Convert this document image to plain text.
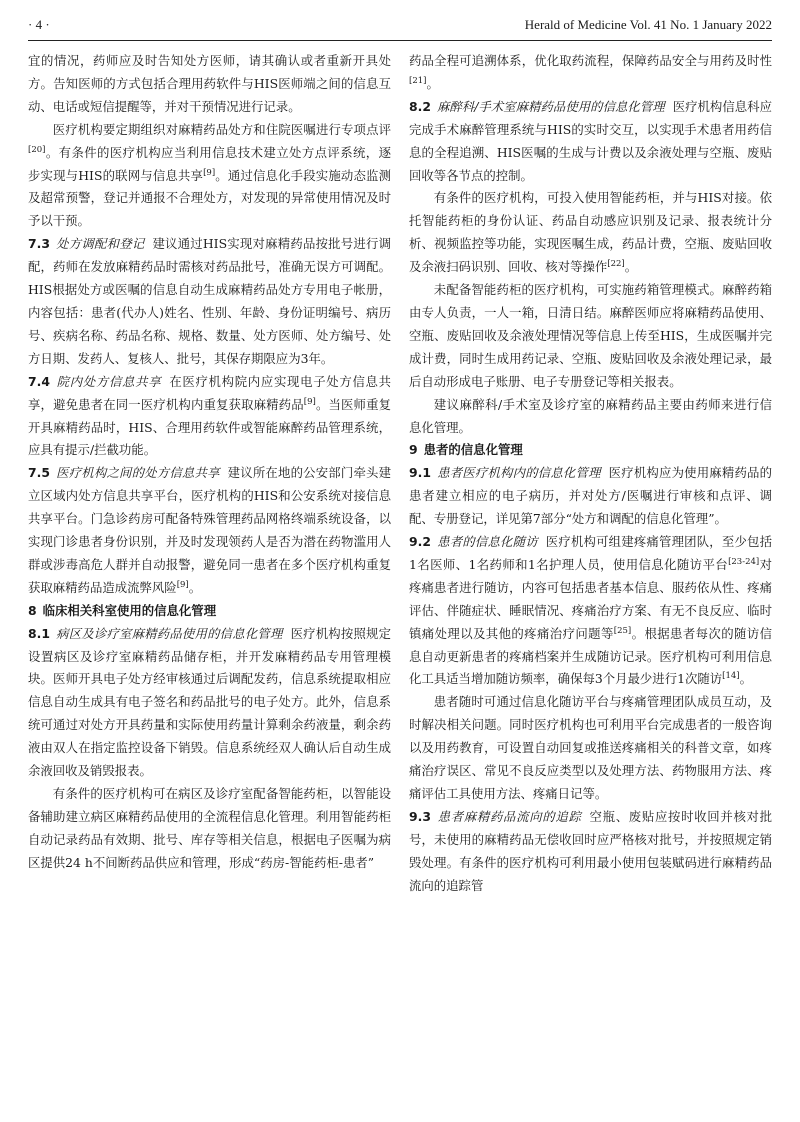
· 4 ·	Herald of Medicine Vol. 41 No. 1 January 2022

宜的情况，药师应及时告知处方医师，请其确认或者重新开具处方。告知医师的方式包括合理用药软件与HIS医师端之间的信息互动、电话或短信提醒等，并对干预情况进行记录。

医疗机构要定期组织对麻精药品处方和住院医嘱进行专项点评[20]。有条件的医疗机构应当利用信息技术建立处方点评系统，逐步实现与HIS的联网与信息共享[9]。通过信息化手段实施动态监测及超常预警，登记并通报不合理处方，对发现的异常使用情况及时予以干预。

7.3 处方调配和登记 建议通过HIS实现对麻精药品按批号进行调配，药师在发放麻精药品时需核对药品批号，准确无误方可调配。HIS根据处方或医嘱的信息自动生成麻精药品处方专用电子帐册，内容包括：患者(代办人)姓名、性别、年龄、身份证明编号、病历号、疾病名称、药品名称、规格、数量、处方医师、处方编号、处方日期、发药人、复核人、批号，其保存期限应为3年。

7.4 院内处方信息共享 在医疗机构院内应实现电子处方信息共享，避免患者在同一医疗机构内重复获取麻精药品[9]。当医师重复开具麻精药品时，HIS、合理用药软件或智能麻醉药品管理系统，应具有提示/拦截功能。

7.5 医疗机构之间的处方信息共享 建议所在地的公安部门牵头建立区域内处方信息共享平台，医疗机构的HIS和公安系统对接信息共享平台。门急诊药房可配备特殊管理药品网格终端系统设备，以实现门诊患者身份识别，并及时发现领药人是否为潜在药物滥用人群或涉毒高危人群并自动报警，避免同一患者在多个医疗机构重复获取麻精药品造成流弊风险[9]。

8 临床相关科室使用的信息化管理

8.1 病区及诊疗室麻精药品使用的信息化管理 医疗机构按照规定设置病区及诊疗室麻精药品储存柜，并开发麻精药品专用管理模块。医师开具电子处方经审核通过后调配发药，信息系统提取相应信息自动生成具有电子签名和药品批号的电子处方。此外，信息系统可通过对处方开具药量和实际使用药量计算剩余药液量，剩余药液由双人在指定监控设备下销毁。信息系统经双人确认后自动生成余液回收及销毁报表。

有条件的医疗机构可在病区及诊疗室配备智能药柜，以智能设备辅助建立病区麻精药品使用的全流程信息化管理。利用智能药柜自动记录药品有效期、批号、库存等相关信息，根据电子医嘱为病区提供24 h不间断药品供应和管理，形成“药房-智能药柜-患者”

药品全程可追溯体系，优化取药流程，保障药品安全与用药及时性[21]。

8.2 麻醉科/手术室麻精药品使用的信息化管理 医疗机构信息科应完成手术麻醉管理系统与HIS的实时交互，以实现手术患者用药信息的全程追溯、HIS医嘱的生成与计费以及余液处理与空瓶、废贴回收等各节点的控制。

有条件的医疗机构，可投入使用智能药柜，并与HIS对接。依托智能药柜的身份认证、药品自动感应识别及记录、报表统计分析、视频监控等功能，实现医嘱生成，药品计费，空瓶、废贴回收及余液扫码识别、回收、核对等操作[22]。

未配备智能药柜的医疗机构，可实施药箱管理模式。麻醉药箱由专人负责，一人一箱，日清日结。麻醉医师应将麻精药品使用、空瓶、废贴回收及余液处理情况等信息上传至HIS，生成医嘱并完成计费，同时生成用药记录、空瓶、废贴回收及余液处理记录，最后自动形成电子账册、电子专册登记等相关报表。

建议麻醉科/手术室及诊疗室的麻精药品主要由药师来进行信息化管理。

9 患者的信息化管理

9.1 患者医疗机构内的信息化管理 医疗机构应为使用麻精药品的患者建立相应的电子病历，并对处方/医嘱进行审核和点评、调配、专册登记，详见第7部分“处方和调配的信息化管理”。

9.2 患者的信息化随访 医疗机构可组建疼痛管理团队，至少包括1名医师、1名药师和1名护理人员，使用信息化随访平台[23-24]对疼痛患者进行随访，内容可包括患者基本信息、服药依从性、疼痛评估、伴随症状、睡眠情况、疼痛治疗方案、有无不良反应、临时镇痛处理以及其他的疼痛治疗问题等[25]。根据患者每次的随访信息自动更新患者的疼痛档案并生成随访记录。医疗机构可利用信息化工具适当增加随访频率，确保每3个月最少进行1次随访[14]。

患者随时可通过信息化随访平台与疼痛管理团队成员互动，及时解决相关问题。同时医疗机构也可利用平台完成患者的一般咨询以及用药教育，可设置自动回复或推送疼痛相关的科普文章，如疼痛治疗误区、常见不良反应类型以及处理方法、药物服用方法、疼痛评估工具使用方法、疼痛日记等。

9.3 患者麻精药品流向的追踪 空瓶、废贴应按时收回并核对批号，未使用的麻精药品无偿收回时应严格核对批号，并按照规定销毁处理。有条件的医疗机构可利用最小使用包装赋码进行麻精药品流向的追踪管
